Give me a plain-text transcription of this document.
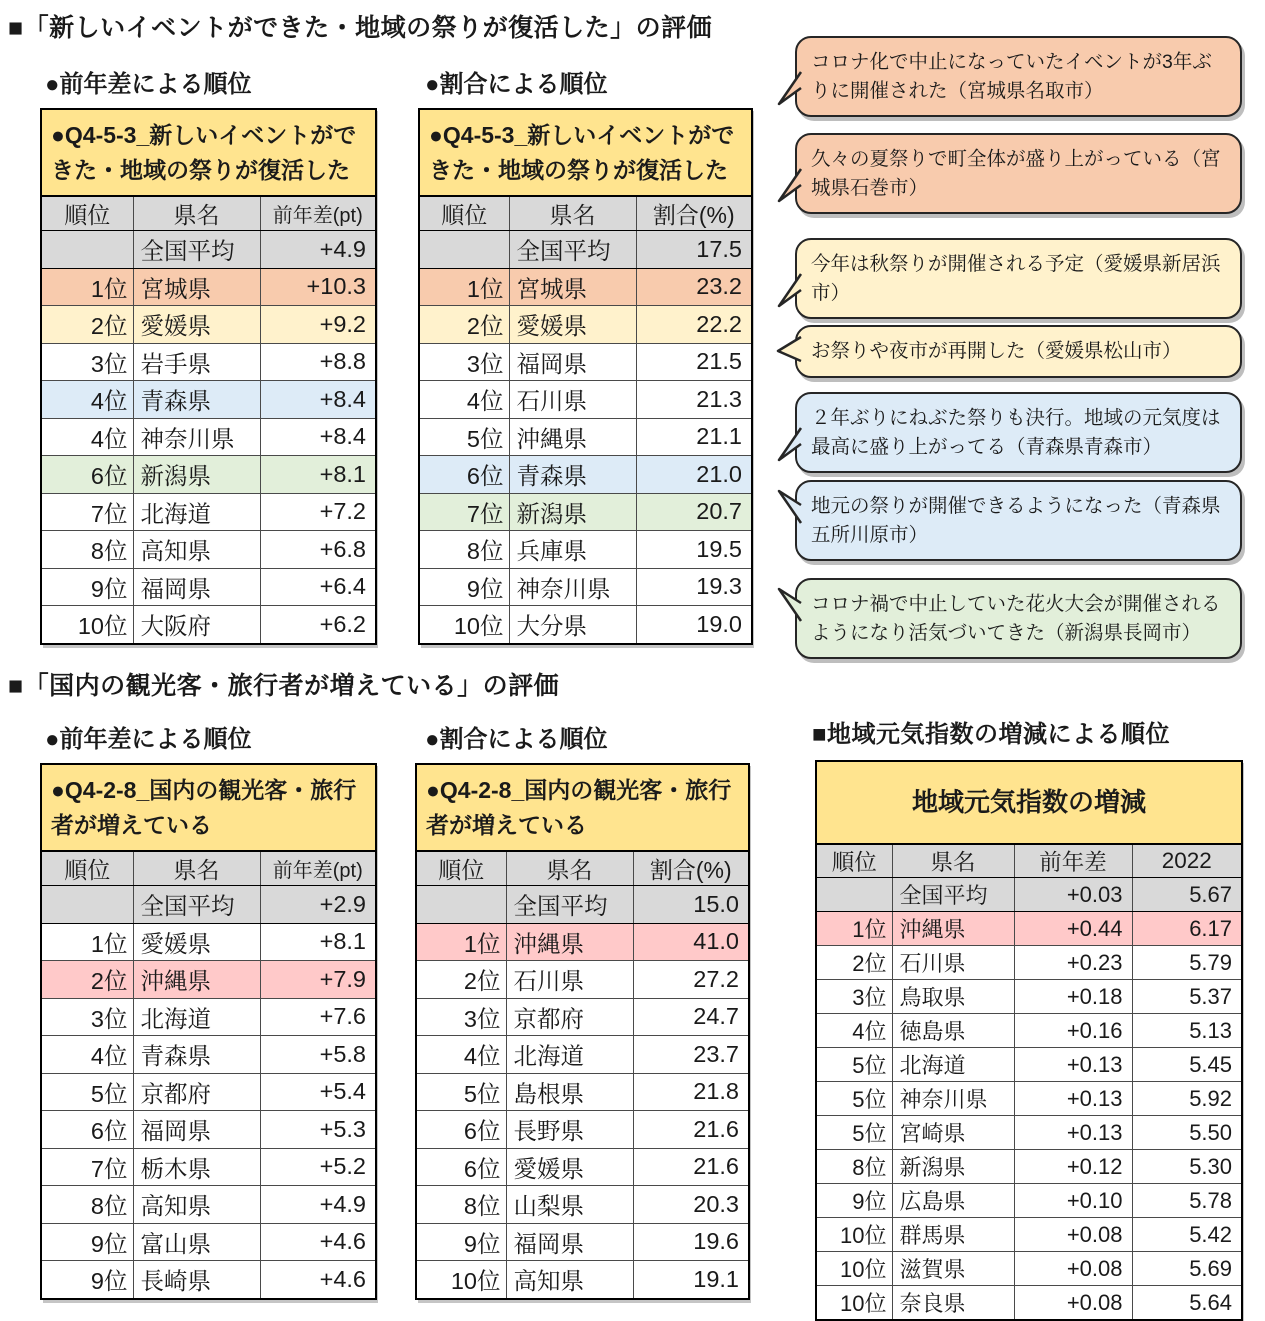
■「新しいイベントができた・地域の祭りが復活した」の評価
●前年差による順位
●Q4-5-3_新しいイベントができた・地域の祭りが復活した		
順位	県名	前年差(pt)
	全国平均	+4.9
1位	宮城県	+10.3
2位	愛媛県	+9.2
3位	岩手県	+8.8
4位	青森県	+8.4
4位	神奈川県	+8.4
6位	新潟県	+8.1
7位	北海道	+7.2
8位	高知県	+6.8
9位	福岡県	+6.4
10位	大阪府	+6.2
●割合による順位
●Q4-5-3_新しいイベントができた・地域の祭りが復活した		
順位	県名	割合(%)
	全国平均	17.5
1位	宮城県	23.2
2位	愛媛県	22.2
3位	福岡県	21.5
4位	石川県	21.3
5位	沖縄県	21.1
6位	青森県	21.0
7位	新潟県	20.7
8位	兵庫県	19.5
9位	神奈川県	19.3
10位	大分県	19.0
コロナ化で中止になっていたイベントが3年ぶりに開催された（宮城県名取市）
久々の夏祭りで町全体が盛り上がっている（宮城県石巻市）
今年は秋祭りが開催される予定（愛媛県新居浜市）
お祭りや夜市が再開した（愛媛県松山市）
２年ぶりにねぶた祭りも決行。地域の元気度は最高に盛り上がってる（青森県青森市）
地元の祭りが開催できるようになった（青森県五所川原市）
コロナ禍で中止していた花火大会が開催されるようになり活気づいてきた（新潟県長岡市）
■「国内の観光客・旅行者が増えている」の評価
●前年差による順位
●Q4-2-8_国内の観光客・旅行者が増えている		
順位	県名	前年差(pt)
	全国平均	+2.9
1位	愛媛県	+8.1
2位	沖縄県	+7.9
3位	北海道	+7.6
4位	青森県	+5.8
5位	京都府	+5.4
6位	福岡県	+5.3
7位	栃木県	+5.2
8位	高知県	+4.9
9位	富山県	+4.6
9位	長崎県	+4.6
●割合による順位
●Q4-2-8_国内の観光客・旅行者が増えている		
順位	県名	割合(%)
	全国平均	15.0
1位	沖縄県	41.0
2位	石川県	27.2
3位	京都府	24.7
4位	北海道	23.7
5位	島根県	21.8
6位	長野県	21.6
6位	愛媛県	21.6
8位	山梨県	20.3
9位	福岡県	19.6
10位	高知県	19.1
■地域元気指数の増減による順位
地域元気指数の増減			
順位	県名	前年差	2022
	全国平均	+0.03	5.67
1位	沖縄県	+0.44	6.17
2位	石川県	+0.23	5.79
3位	鳥取県	+0.18	5.37
4位	徳島県	+0.16	5.13
5位	北海道	+0.13	5.45
5位	神奈川県	+0.13	5.92
5位	宮崎県	+0.13	5.50
8位	新潟県	+0.12	5.30
9位	広島県	+0.10	5.78
10位	群馬県	+0.08	5.42
10位	滋賀県	+0.08	5.69
10位	奈良県	+0.08	5.64
